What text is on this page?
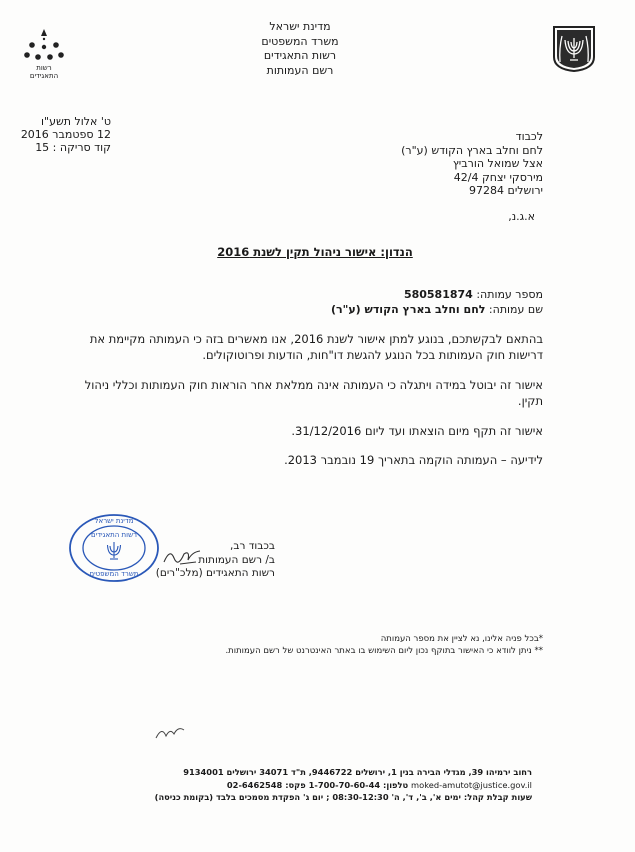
רשות
התאגידים
מדינת ישראל
משרד המשפטים
רשות התאגידים
רשם העמותות
ט' אלול תשע"ו
12 ספטמבר 2016
קוד סריקה : 15
לכבוד
לחם וחלב בארץ הקודש (ע"ר)
אצל שמואל הורביץ
מירסקי יצחק 42/4
ירושלים 97284
א.ג.נ,
הנדון: אישור ניהול תקין לשנת 2016
מספר עמותה: 580581874
שם עמותה: לחם וחלב בארץ הקודש (ע"ר)
בהתאם לבקשתכם, בנוגע למתן אישור לשנת 2016, אנו מאשרים בזה כי העמותה מקיימת את דרישות חוק העמותות בכל הנוגע להגשת דו"חות, הודעות ופרוטוקולים.
אישור זה יבוטל במידה ויתגלה כי העמותה אינה ממלאת אחר הוראות חוק העמותות וכללי ניהול תקין.
אישור זה תקף מיום הוצאתו ועד ליום 31/12/2016.
לידיעה – העמותה הוקמה בתאריך 19 נובמבר 2013.
מדינת ישראל
רשות התאגידים
משרד המשפטים
בכבוד רב,
ב/ רשם העמותות
רשות התאגידים (מלכ"רים)
*בכל פניה אלינו, נא לציין את מספר העמותה
** ניתן לוודא כי האישור בתוקף נכון ליום השימוש בו באתר האינטרנט של רשם העמותות.
רחוב ירמיהו 39, מגדלי הבירה בנין 1, ירושלים 9446722, ת"ד 34071 ירושלים 9134001
moked-amutot@justice.gov.il טלפון: 1-700-70-60-44 פקס: 02-6462548
שעות קבלת קהל: ימים א', ב', ד', ה' 08:30-12:30 ; יום ג' הפקדת מסמכים בלבד (בקומת כניסה)
